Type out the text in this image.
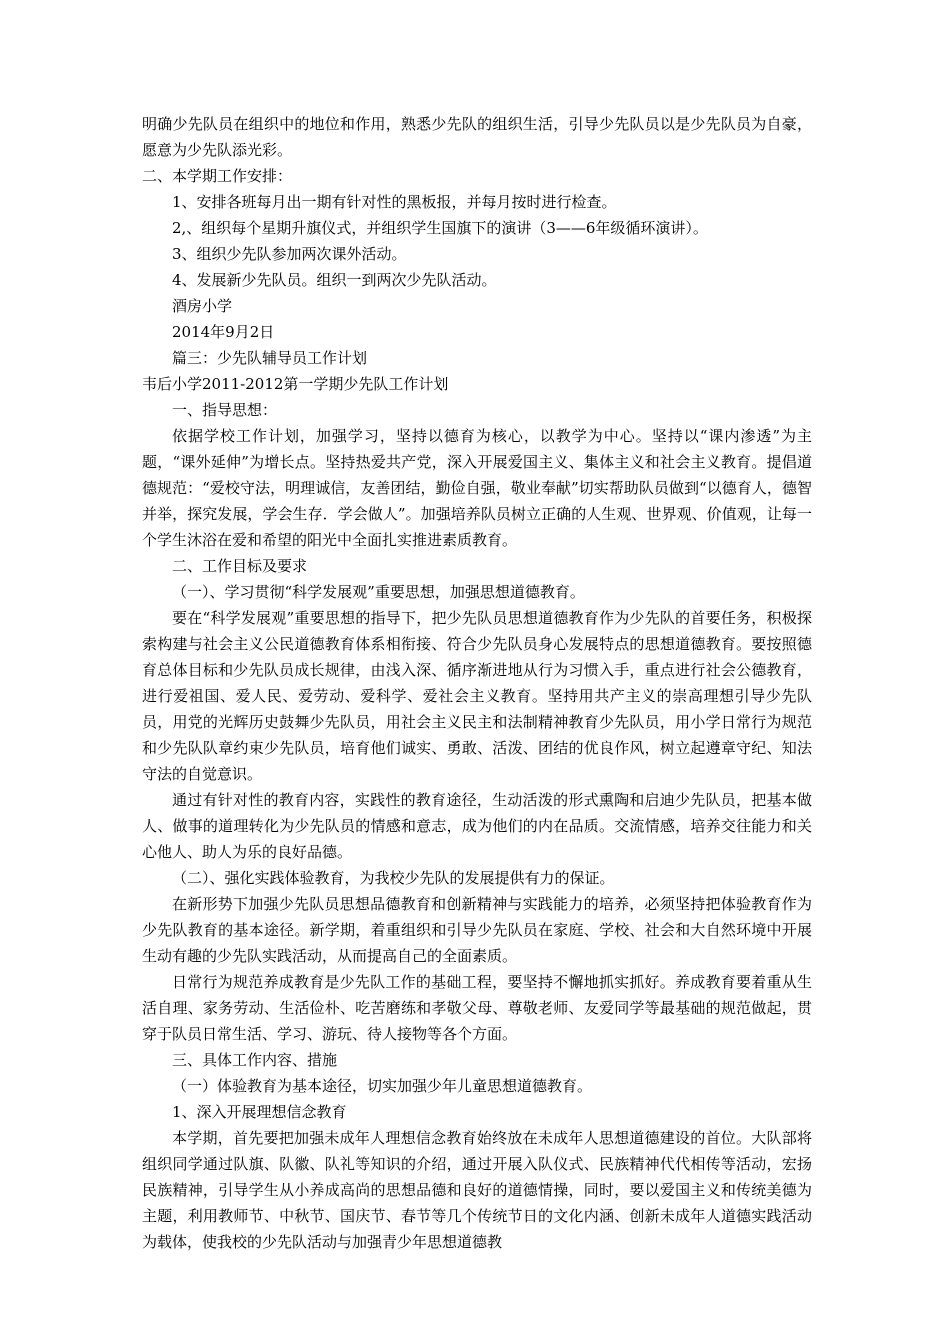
明确少先队员在组织中的地位和作用，熟悉少先队的组织生活，引导少先队员以是少先队员为自豪，愿意为少先队添光彩。

二、本学期工作安排：

1、安排各班每月出一期有针对性的黑板报，并每月按时进行检查。

2,、组织每个星期升旗仪式，并组织学生国旗下的演讲（3——6年级循环演讲）。

3、组织少先队参加两次课外活动。

4、发展新少先队员。组织一到两次少先队活动。

酒房小学

2014年9月2日

篇三：少先队辅导员工作计划

韦后小学2011-2012第一学期少先队工作计划

一、指导思想：

依据学校工作计划，加强学习，坚持以德育为核心，以教学为中心。坚持以“课内渗透”为主题，“课外延伸”为增长点。坚持热爱共产党，深入开展爱国主义、集体主义和社会主义教育。提倡道德规范：“爱校守法，明理诚信，友善团结，勤俭自强，敬业奉献”切实帮助队员做到“以德育人，德智并举，探究发展，学会生存．学会做人”。加强培养队员树立正确的人生观、世界观、价值观，让每一个学生沐浴在爱和希望的阳光中全面扎实推进素质教育。

二、工作目标及要求

（一）、学习贯彻“科学发展观”重要思想，加强思想道德教育。

要在“科学发展观”重要思想的指导下，把少先队员思想道德教育作为少先队的首要任务，积极探索构建与社会主义公民道德教育体系相衔接、符合少先队员身心发展特点的思想道德教育。要按照德育总体目标和少先队员成长规律，由浅入深、循序渐进地从行为习惯入手，重点进行社会公德教育，进行爱祖国、爱人民、爱劳动、爱科学、爱社会主义教育。坚持用共产主义的崇高理想引导少先队员，用党的光辉历史鼓舞少先队员，用社会主义民主和法制精神教育少先队员，用小学日常行为规范和少先队队章约束少先队员，培育他们诚实、勇敢、活泼、团结的优良作风，树立起遵章守纪、知法守法的自觉意识。

通过有针对性的教育内容，实践性的教育途径，生动活泼的形式熏陶和启迪少先队员，把基本做人、做事的道理转化为少先队员的情感和意志，成为他们的内在品质。交流情感，培养交往能力和关心他人、助人为乐的良好品德。

（二）、强化实践体验教育，为我校少先队的发展提供有力的保证。

在新形势下加强少先队员思想品德教育和创新精神与实践能力的培养，必须坚持把体验教育作为少先队教育的基本途径。新学期，着重组织和引导少先队员在家庭、学校、社会和大自然环境中开展生动有趣的少先队实践活动，从而提高自己的全面素质。

日常行为规范养成教育是少先队工作的基础工程，要坚持不懈地抓实抓好。养成教育要着重从生活自理、家务劳动、生活俭朴、吃苦磨练和孝敬父母、尊敬老师、友爱同学等最基础的规范做起，贯穿于队员日常生活、学习、游玩、待人接物等各个方面。

三、具体工作内容、措施

（一）体验教育为基本途径，切实加强少年儿童思想道德教育。

1、深入开展理想信念教育

本学期，首先要把加强未成年人理想信念教育始终放在未成年人思想道德建设的首位。大队部将组织同学通过队旗、队徽、队礼等知识的介绍，通过开展入队仪式、民族精神代代相传等活动，宏扬民族精神，引导学生从小养成高尚的思想品德和良好的道德情操，同时，要以爱国主义和传统美德为主题，利用教师节、中秋节、国庆节、春节等几个传统节日的文化内涵、创新未成年人道德实践活动为载体，使我校的少先队活动与加强青少年思想道德教
